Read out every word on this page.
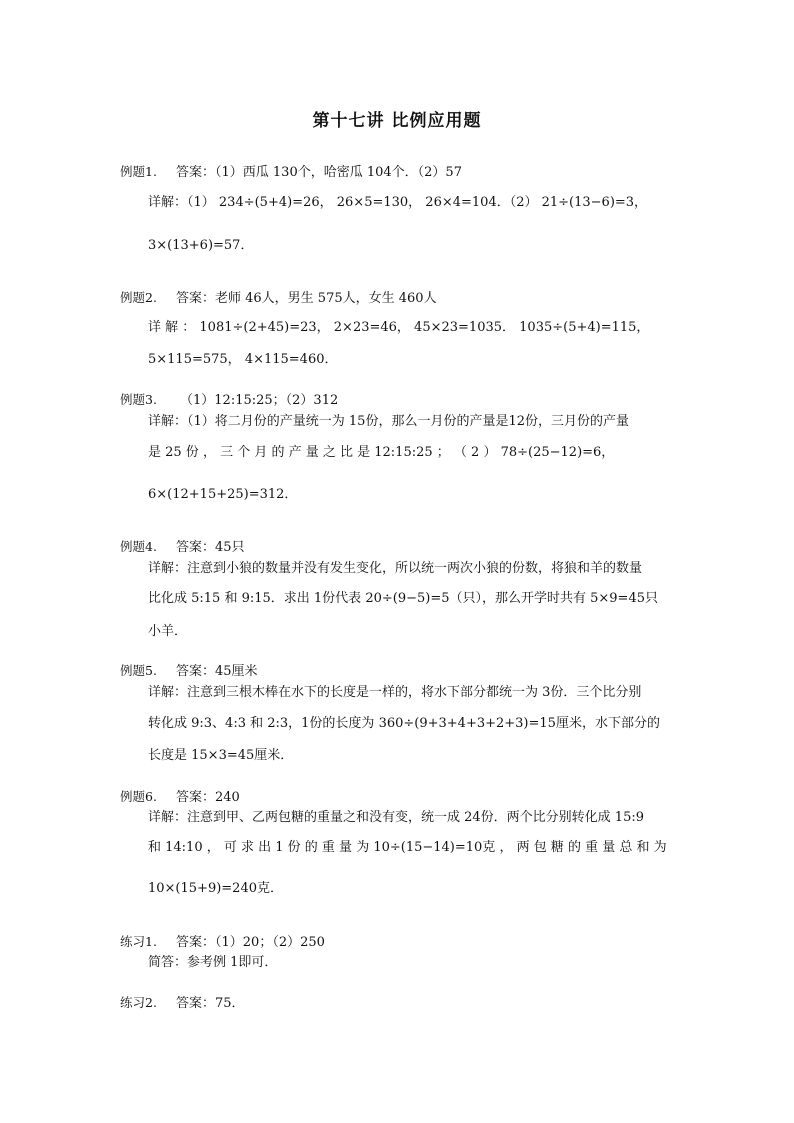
第十七讲 比例应用题
例题1. 答案：（1）西瓜 130个，哈密瓜 104个．（2）57
详解：（1） 234÷(5+4)=26， 26×5=130， 26×4=104．（2） 21÷(13−6)=3，
3×(13+6)=57．
例题2. 答案：老师 46人，男生 575人，女生 460人
详 解 ： 1081÷(2+45)=23， 2×23=46， 45×23=1035． 1035÷(5+4)=115，
5×115=575， 4×115=460．
例题3. （1）12:15:25；（2）312
详解：（1）将二月份的产量统一为 15份，那么一月份的产量是12份，三月份的产量
是 25 份 ， 三 个 月 的 产 量 之 比 是 12:15:25 ； （ 2 ） 78÷(25−12)=6，
6×(12+15+25)=312．
例题4. 答案：45只
详解：注意到小狼的数量并没有发生变化，所以统一两次小狼的份数，将狼和羊的数量
比化成 5:15 和 9:15．求出 1份代表 20÷(9−5)=5（只），那么开学时共有 5×9=45只
小羊．
例题5. 答案：45厘米
详解：注意到三根木棒在水下的长度是一样的，将水下部分都统一为 3份．三个比分别
转化成 9:3、4:3 和 2:3，1份的长度为 360÷(9+3+4+3+2+3)=15厘米，水下部分的
长度是 15×3=45厘米．
例题6. 答案：240
详解：注意到甲、乙两包糖的重量之和没有变，统一成 24份．两个比分别转化成 15:9
和 14:10 ， 可 求 出 1 份 的 重 量 为 10÷(15−14)=10克 ， 两 包 糖 的 重 量 总 和 为
10×(15+9)=240克．
练习1. 答案：（1）20；（2）250
简答：参考例 1即可．
练习2. 答案：75．
